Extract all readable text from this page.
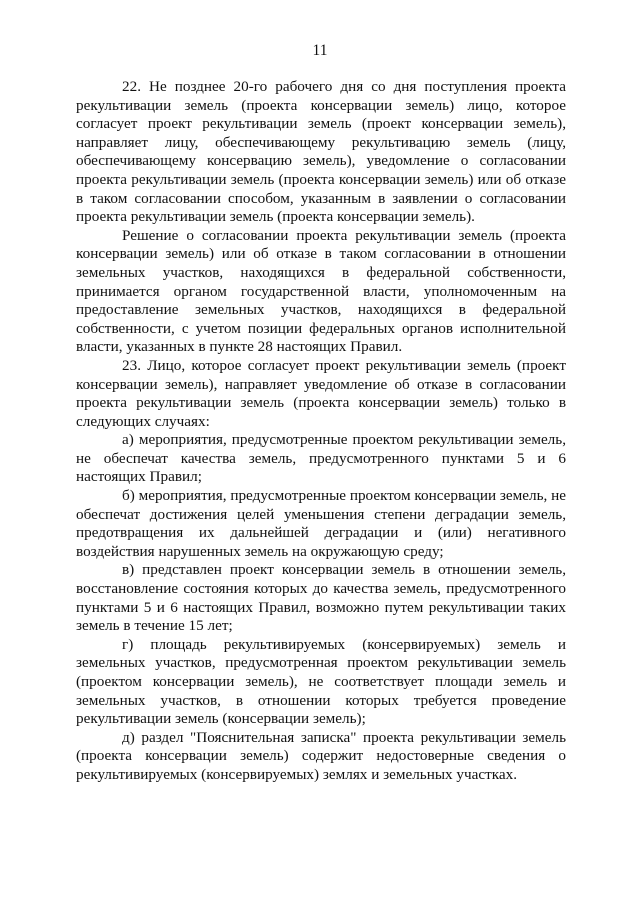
11

22. Не позднее 20-го рабочего дня со дня поступления проекта рекультивации земель (проекта консервации земель) лицо, которое согласует проект рекультивации земель (проект консервации земель), направляет лицу, обеспечивающему рекультивацию земель (лицу, обеспечивающему консервацию земель), уведомление о согласовании проекта рекультивации земель (проекта консервации земель) или об отказе в таком согласовании способом, указанным в заявлении о согласовании проекта рекультивации земель (проекта консервации земель).

Решение о согласовании проекта рекультивации земель (проекта консервации земель) или об отказе в таком согласовании в отношении земельных участков, находящихся в федеральной собственности, принимается органом государственной власти, уполномоченным на предоставление земельных участков, находящихся в федеральной собственности, с учетом позиции федеральных органов исполнительной власти, указанных в пункте 28 настоящих Правил.

23. Лицо, которое согласует проект рекультивации земель (проект консервации земель), направляет уведомление об отказе в согласовании проекта рекультивации земель (проекта консервации земель) только в следующих случаях:

а) мероприятия, предусмотренные проектом рекультивации земель, не обеспечат качества земель, предусмотренного пунктами 5 и 6 настоящих Правил;

б) мероприятия, предусмотренные проектом консервации земель, не обеспечат достижения целей уменьшения степени деградации земель, предотвращения их дальнейшей деградации и (или) негативного воздействия нарушенных земель на окружающую среду;

в) представлен проект консервации земель в отношении земель, восстановление состояния которых до качества земель, предусмотренного пунктами 5 и 6 настоящих Правил, возможно путем рекультивации таких земель в течение 15 лет;

г) площадь рекультивируемых (консервируемых) земель и земельных участков, предусмотренная проектом рекультивации земель (проектом консервации земель), не соответствует площади земель и земельных участков, в отношении которых требуется проведение рекультивации земель (консервации земель);

д) раздел "Пояснительная записка" проекта рекультивации земель (проекта консервации земель) содержит недостоверные сведения о рекультивируемых (консервируемых) землях и земельных участках.
